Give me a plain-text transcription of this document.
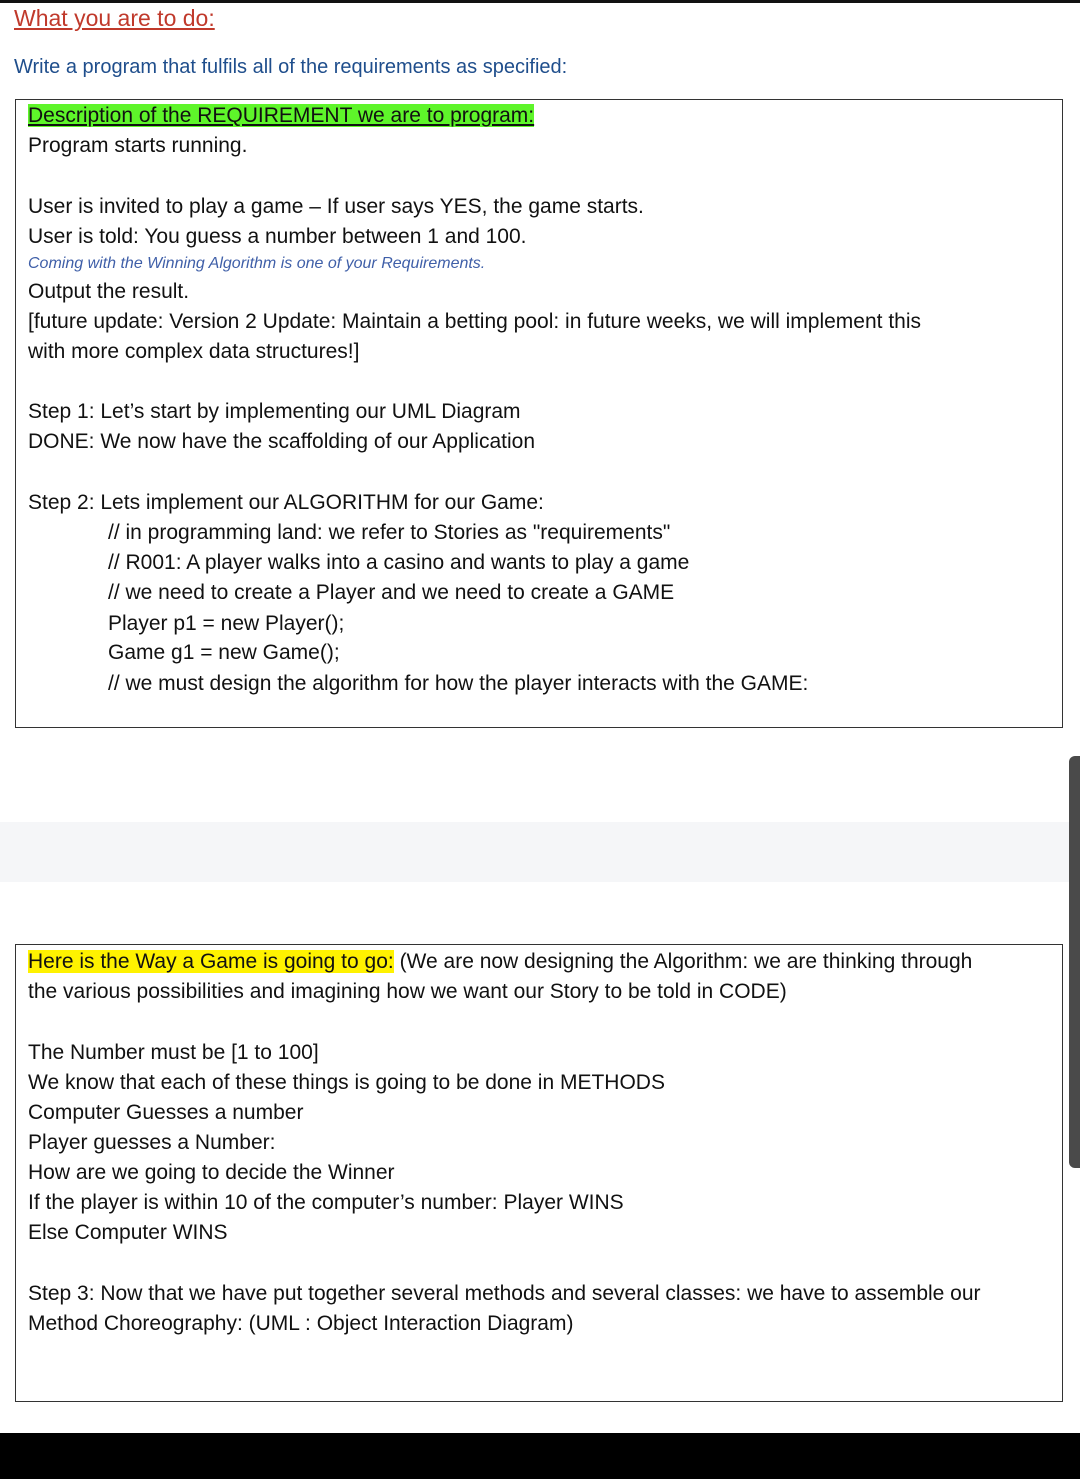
What you are to do:

Write a program that fulfils all of the requirements as specified:

Description of the REQUIREMENT we are to program:

Program starts running.

User is invited to play a game – If user says YES, the game starts.

User is told: You guess a number between 1 and 100.

Coming with the Winning Algorithm is one of your Requirements.

Output the result.

[future update: Version 2 Update: Maintain a betting pool: in future weeks, we will implement this

with more complex data structures!]

Step 1: Let’s start by implementing our UML Diagram

DONE: We now have the scaffolding of our Application

Step 2: Lets implement our ALGORITHM for our Game:

// in programming land: we refer to Stories as "requirements"

// R001: A player walks into a casino and wants to play a game

// we need to create a Player and we need to create a GAME

Player p1 = new Player();

Game g1 = new Game();

// we must design the algorithm for how the player interacts with the GAME:

Here is the Way a Game is going to go: (We are now designing the Algorithm: we are thinking through

the various possibilities and imagining how we want our Story to be told in CODE)

The Number must be [1 to 100]

We know that each of these things is going to be done in METHODS

Computer Guesses a number

Player guesses a Number:

How are we going to decide the Winner

If the player is within 10 of the computer’s number: Player WINS

Else Computer WINS

Step 3: Now that we have put together several methods and several classes: we have to assemble our

Method Choreography: (UML : Object Interaction Diagram)
